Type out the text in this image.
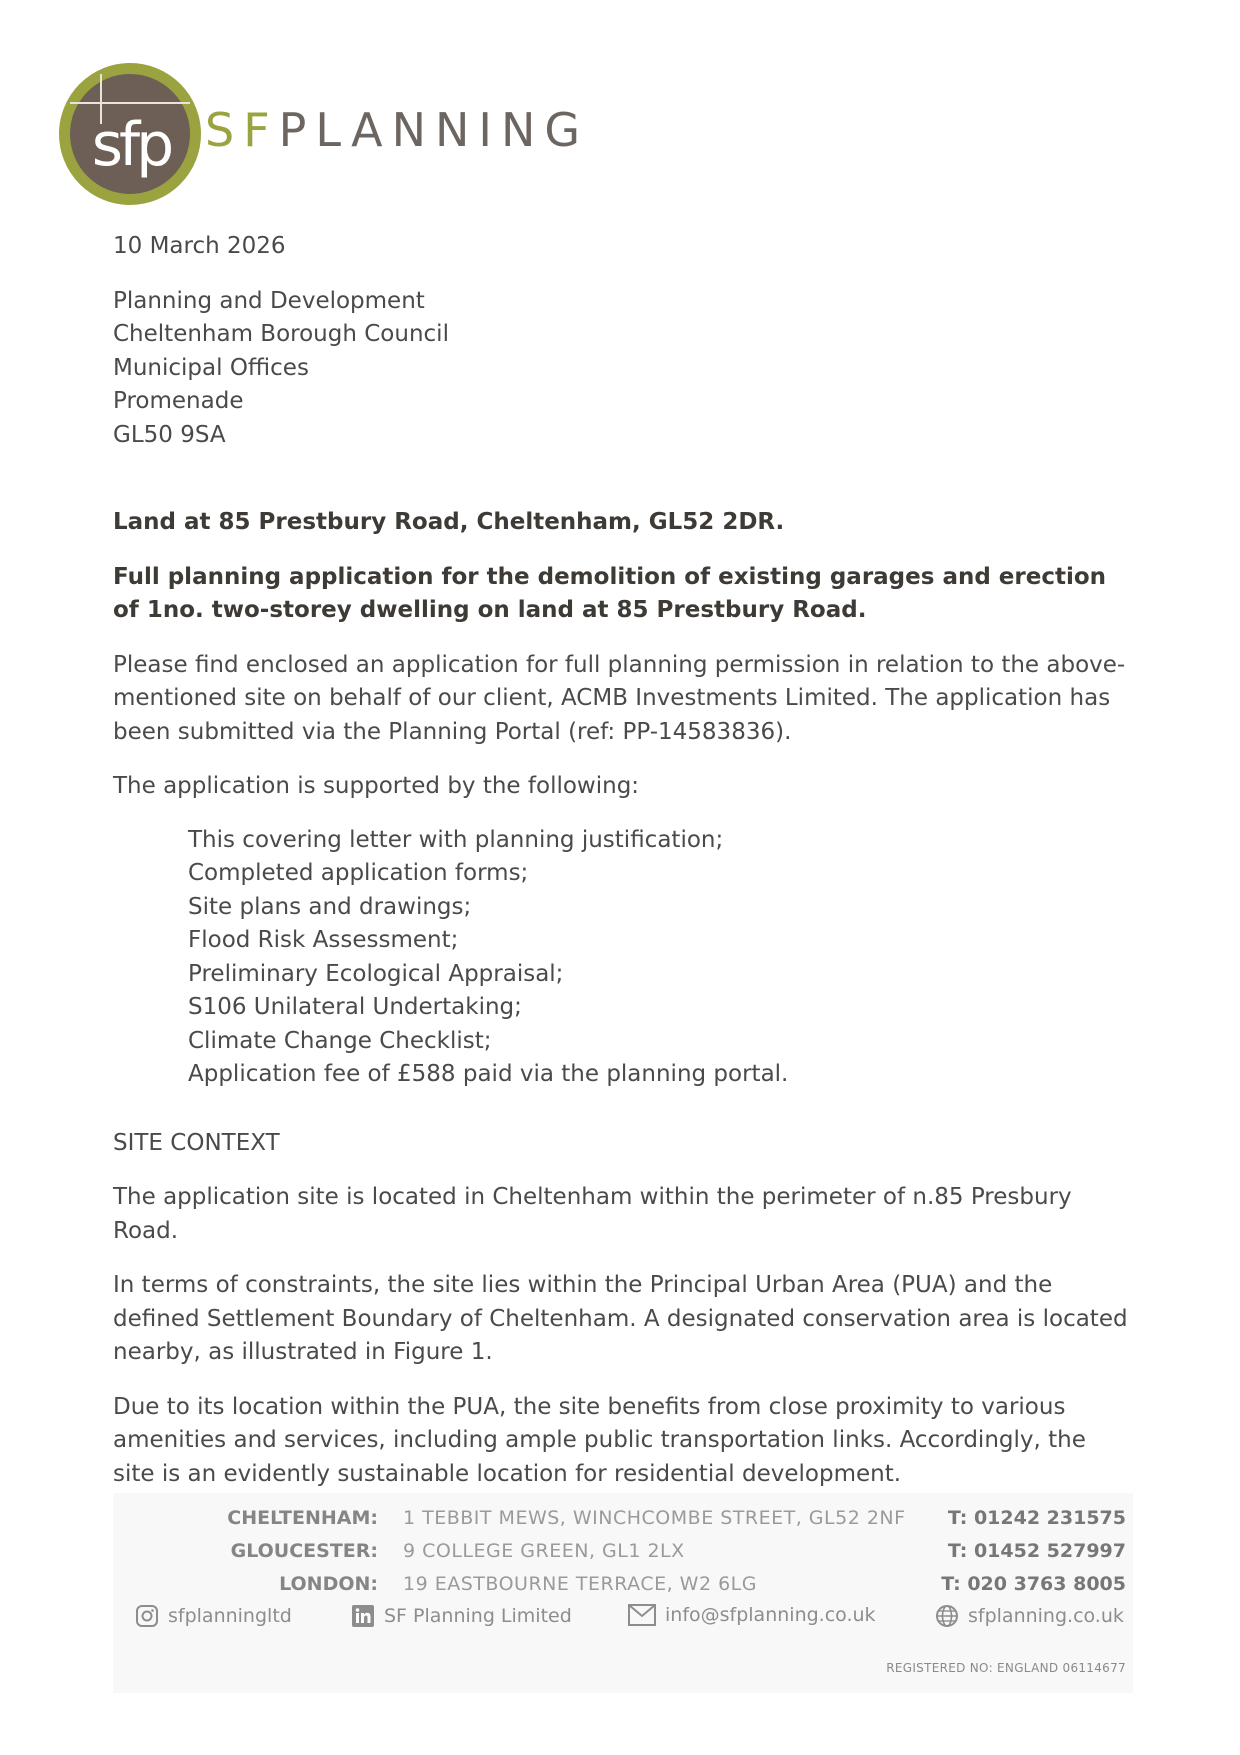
sfp SFPLANNING

10 March 2026

Planning and Development
Cheltenham Borough Council
Municipal Offices
Promenade
GL50 9SA

Land at 85 Prestbury Road, Cheltenham, GL52 2DR.

Full planning application for the demolition of existing garages and erection of 1no. two-storey dwelling on land at 85 Prestbury Road.

Please find enclosed an application for full planning permission in relation to the above-mentioned site on behalf of our client, ACMB Investments Limited. The application has been submitted via the Planning Portal (ref: PP-14583836).

The application is supported by the following:

This covering letter with planning justification;
Completed application forms;
Site plans and drawings;
Flood Risk Assessment;
Preliminary Ecological Appraisal;
S106 Unilateral Undertaking;
Climate Change Checklist;
Application fee of £588 paid via the planning portal.

SITE CONTEXT

The application site is located in Cheltenham within the perimeter of n.85 Presbury Road.

In terms of constraints, the site lies within the Principal Urban Area (PUA) and the defined Settlement Boundary of Cheltenham. A designated conservation area is located nearby, as illustrated in Figure 1.

Due to its location within the PUA, the site benefits from close proximity to various amenities and services, including ample public transportation links. Accordingly, the site is an evidently sustainable location for residential development.

CHELTENHAM: 1 TEBBIT MEWS, WINCHCOMBE STREET, GL52 2NF T: 01242 231575
GLOUCESTER: 9 COLLEGE GREEN, GL1 2LX	T: 01452 527997
LONDON: 19 EASTBOURNE TERRACE, W2 6LG	T: 020 3763 8005
sfplanningltd	SF Planning Limited	info@sfplanning.co.uk	sfplanning.co.uk
REGISTERED NO: ENGLAND 06114677
